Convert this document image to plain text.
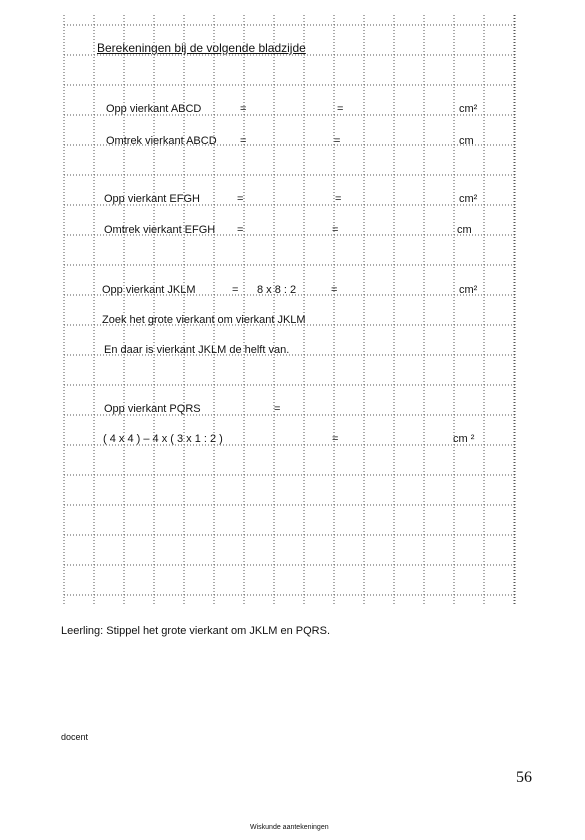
Berekeningen bij de volgende bladzijde
Opp vierkant ABCD	=	=	cm²
Omtrek vierkant ABCD =	=	cm
Opp vierkant EFGH	=	=	cm²
Omtrek vierkant EFGH =	=	cm
Opp vierkant JKLM	= 8 x 8 : 2	=	cm²
Zoek het grote vierkant om vierkant JKLM
En daar is vierkant JKLM de helft van.
Opp vierkant PQRS	=
( 4 x 4 ) – 4 x ( 3 x 1 : 2 )	=	cm ²
Leerling: Stippel het grote vierkant om JKLM en PQRS.
docent
56
Wiskunde aantekeningen
